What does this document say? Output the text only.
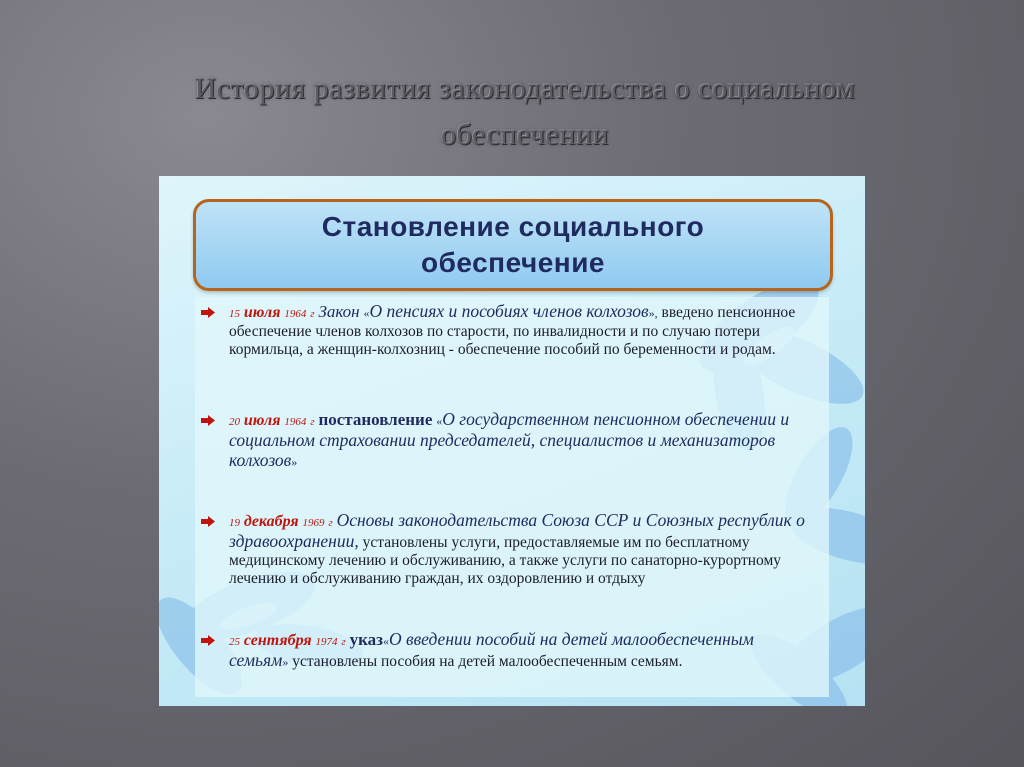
История развития законодательства о социальном обеспечении
Становление социального обеспечение
15 июля 1964 г Закон «О пенсиях и пособиях членов колхозов», введено пенсионное обеспечение членов колхозов по старости, по инвалидности и по случаю потери кормильца, а женщин-колхозниц - обеспечение пособий по беременности и родам.
20 июля 1964 г постановление «О государственном пенсионном обеспечении и социальном страховании председателей, специалистов и механизаторов колхозов»
19 декабря 1969 г Основы законодательства Союза ССР и Союзных республик о здравоохранении, установлены услуги, предоставляемые им по бесплатному медицинскому лечению и обслуживанию, а также услуги по санаторно-курортному лечению и обслуживанию граждан, их оздоровлению и отдыху
25 сентября 1974 г указ«О введении пособий на детей малообеспеченным семьям» установлены пособия на детей малообеспеченным семьям.
